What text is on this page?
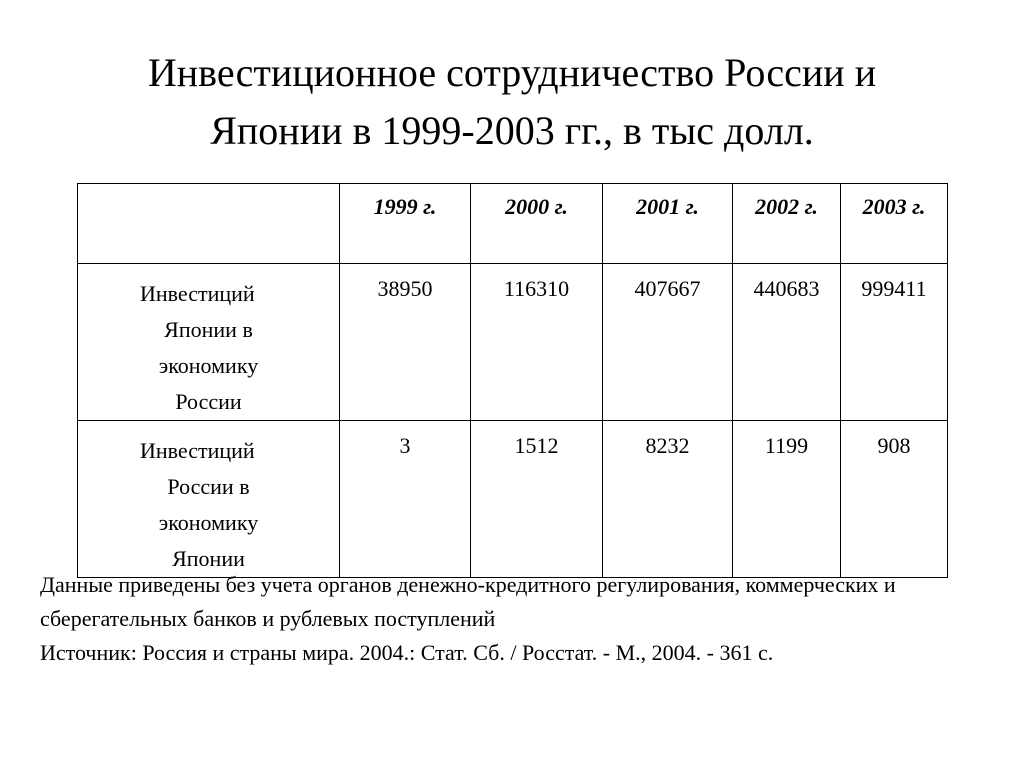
Инвестиционное сотрудничество России и
Японии в 1999-2003 гг., в тыс долл.
	1999 г.	2000 г.	2001 г.	2002 г.	2003 г.

Инвестиций
Японии в
экономику
России	38950	116310	407667	440683	999411

Инвестиций
России в
экономику
Японии	3	1512	8232	1199	908

Данные приведены без учета органов денежно-кредитного регулирования, коммерческих и сберегательных банков и рублевых поступлений

Источник: Россия и страны мира. 2004.: Стат. Сб. / Росстат. - М., 2004. - 361 с.
